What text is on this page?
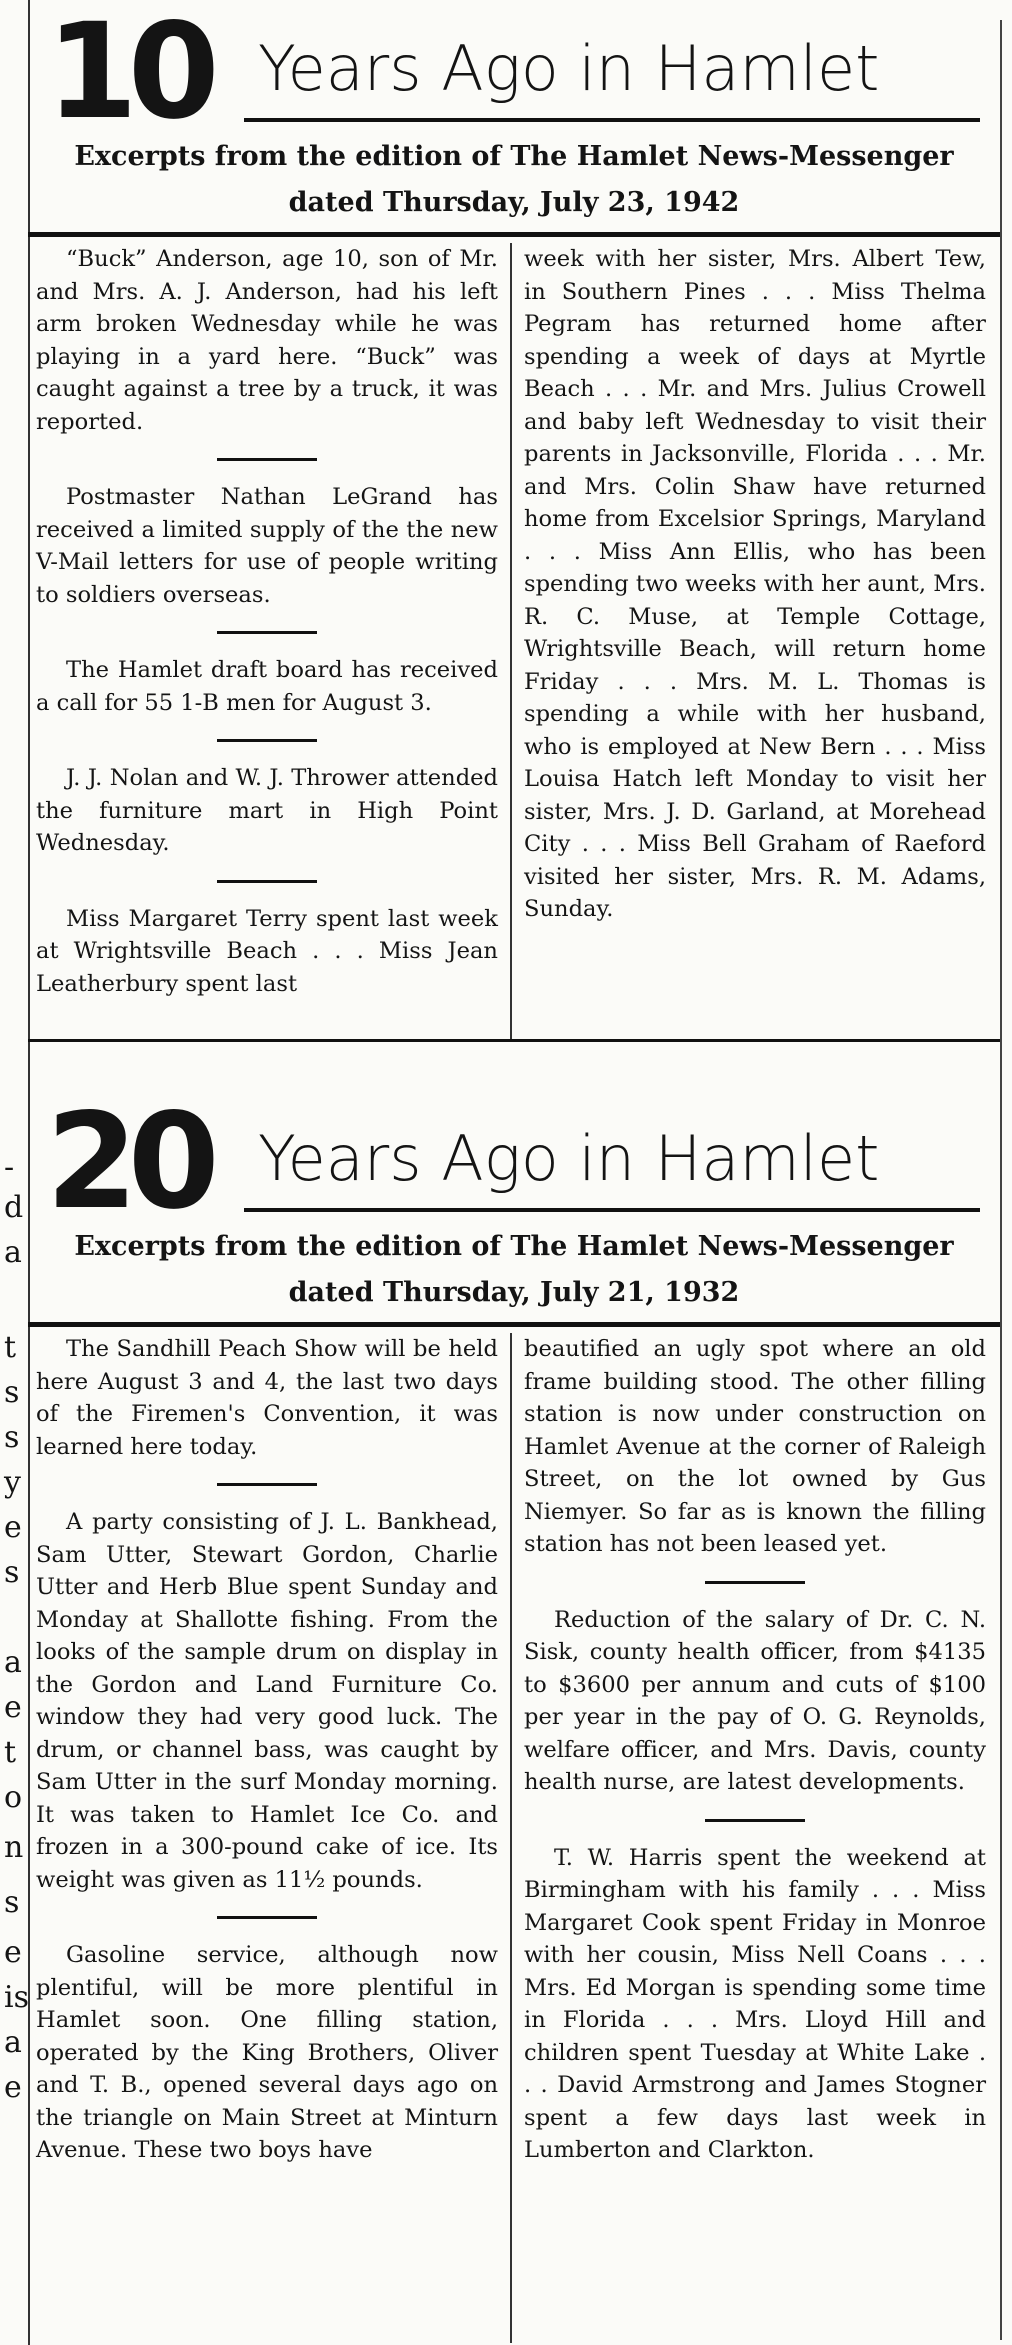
-
d
a
t
s
s
y
e
s
a
e
t
o
n
s
e
is
a
e
10 Years Ago in Hamlet
Excerpts from the edition of The Hamlet News-Messenger
dated Thursday, July 23, 1942

“Buck” Anderson, age 10, son of Mr. and Mrs. A. J. Anderson, had his left arm broken Wednesday while he was playing in a yard here. “Buck” was caught against a tree by a truck, it was reported.

Postmaster Nathan LeGrand has received a limited supply of the the new V-Mail letters for use of people writing to soldiers overseas.

The Hamlet draft board has received a call for 55 1-B men for August 3.

J. J. Nolan and W. J. Thrower attended the furniture mart in High Point Wednesday.

Miss Margaret Terry spent last week at Wrightsville Beach . . . Miss Jean Leatherbury spent last

week with her sister, Mrs. Albert Tew, in Southern Pines . . . Miss Thelma Pegram has returned home after spending a week of days at Myrtle Beach . . . Mr. and Mrs. Julius Crowell and baby left Wednesday to visit their parents in Jacksonville, Florida . . . Mr. and Mrs. Colin Shaw have returned home from Excelsior Springs, Maryland . . . Miss Ann Ellis, who has been spending two weeks with her aunt, Mrs. R. C. Muse, at Temple Cottage, Wrightsville Beach, will return home Friday . . . Mrs. M. L. Thomas is spending a while with her husband, who is employed at New Bern . . . Miss Louisa Hatch left Monday to visit her sister, Mrs. J. D. Garland, at Morehead City . . . Miss Bell Graham of Raeford visited her sister, Mrs. R. M. Adams, Sunday.

20 Years Ago in Hamlet
Excerpts from the edition of The Hamlet News-Messenger
dated Thursday, July 21, 1932

The Sandhill Peach Show will be held here August 3 and 4, the last two days of the Firemen's Convention, it was learned here today.

A party consisting of J. L. Bankhead, Sam Utter, Stewart Gordon, Charlie Utter and Herb Blue spent Sunday and Monday at Shallotte fishing. From the looks of the sample drum on display in the Gordon and Land Furniture Co. window they had very good luck. The drum, or channel bass, was caught by Sam Utter in the surf Monday morning. It was taken to Hamlet Ice Co. and frozen in a 300-pound cake of ice. Its weight was given as 11½ pounds.

Gasoline service, although now plentiful, will be more plentiful in Hamlet soon. One filling station, operated by the King Brothers, Oliver and T. B., opened several days ago on the triangle on Main Street at Minturn Avenue. These two boys have

beautified an ugly spot where an old frame building stood. The other filling station is now under construction on Hamlet Avenue at the corner of Raleigh Street, on the lot owned by Gus Niemyer. So far as is known the filling station has not been leased yet.

Reduction of the salary of Dr. C. N. Sisk, county health officer, from $4135 to $3600 per annum and cuts of $100 per year in the pay of O. G. Reynolds, welfare officer, and Mrs. Davis, county health nurse, are latest developments.

T. W. Harris spent the weekend at Birmingham with his family . . . Miss Margaret Cook spent Friday in Monroe with her cousin, Miss Nell Coans . . . Mrs. Ed Morgan is spending some time in Florida . . . Mrs. Lloyd Hill and children spent Tuesday at White Lake . . . David Armstrong and James Stogner spent a few days last week in Lumberton and Clarkton.
